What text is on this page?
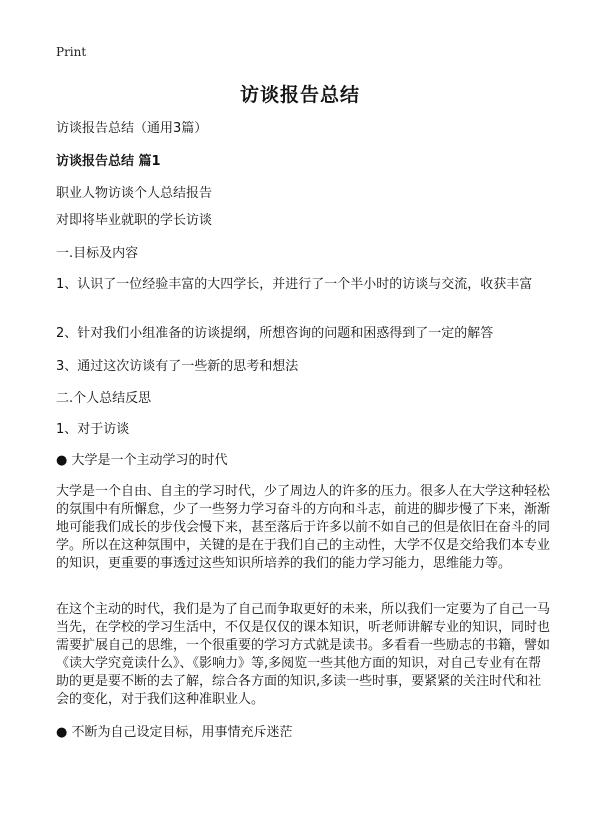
Print
访谈报告总结
访谈报告总结（通用3篇）
访谈报告总结 篇1
职业人物访谈个人总结报告
对即将毕业就职的学长访谈
一.目标及内容
1、认识了一位经验丰富的大四学长，并进行了一个半小时的访谈与交流，收获丰富
2、针对我们小组准备的访谈提纲，所想咨询的问题和困惑得到了一定的解答
3、通过这次访谈有了一些新的思考和想法
二.个人总结反思
1、对于访谈
● 大学是一个主动学习的时代
大学是一个自由、自主的学习时代，少了周边人的许多的压力。很多人在大学这种轻松的氛围中有所懈怠，少了一些努力学习奋斗的方向和斗志，前进的脚步慢了下来，渐渐地可能我们成长的步伐会慢下来，甚至落后于许多以前不如自己的但是依旧在奋斗的同学。所以在这种氛围中，关键的是在于我们自己的主动性，大学不仅是交给我们本专业的知识，更重要的事透过这些知识所培养的我们的能力学习能力，思维能力等。
在这个主动的时代，我们是为了自己而争取更好的未来，所以我们一定要为了自己一马当先，在学校的学习生活中，不仅是仅仅的课本知识，听老师讲解专业的知识，同时也需要扩展自己的思维，一个很重要的学习方式就是读书。多看看一些励志的书籍，譬如《读大学究竟读什么》、《影响力》等,多阅览一些其他方面的知识，对自己专业有在帮助的更是要不断的去了解，综合各方面的知识,多读一些时事，要紧紧的关注时代和社会的变化，对于我们这种准职业人。
● 不断为自己设定目标，用事情充斥迷茫
